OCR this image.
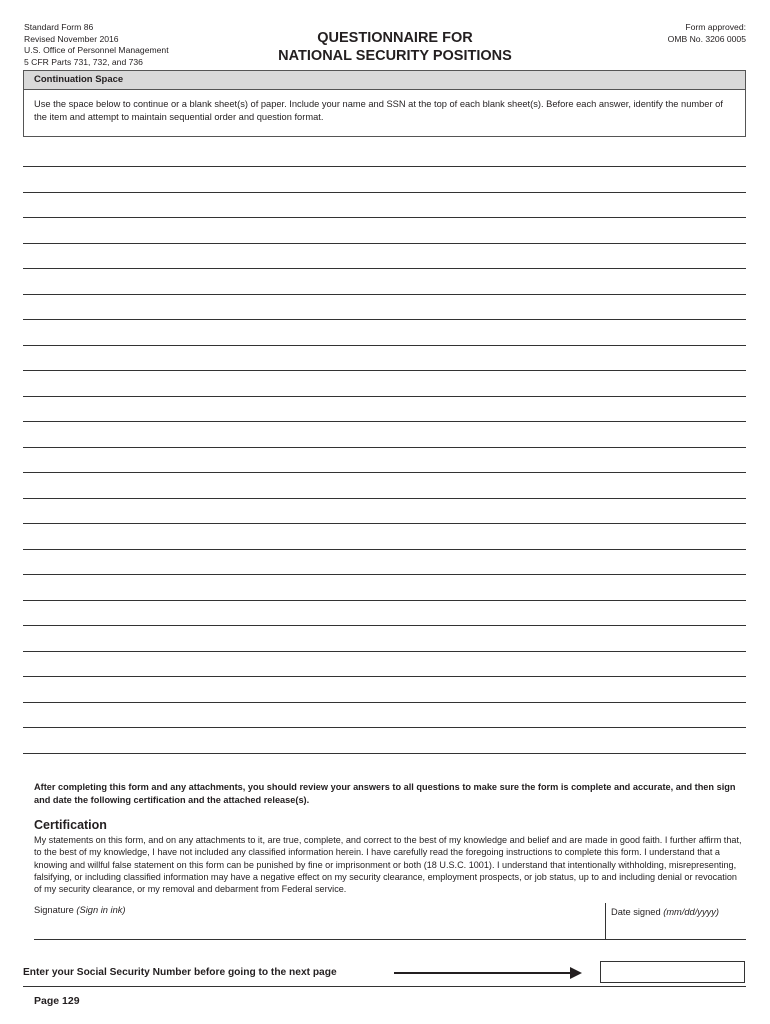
Standard Form 86
Revised November 2016
U.S. Office of Personnel Management
5 CFR Parts 731, 732, and 736
QUESTIONNAIRE FOR
NATIONAL SECURITY POSITIONS
Form approved:
OMB No. 3206 0005
Continuation Space
Use the space below to continue or a blank sheet(s) of paper. Include your name and SSN at the top of each blank sheet(s). Before each answer, identify the number of the item and attempt to maintain sequential order and question format.
After completing this form and any attachments, you should review your answers to all questions to make sure the form is complete and accurate, and then sign and date the following certification and the attached release(s).
Certification
My statements on this form, and on any attachments to it, are true, complete, and correct to the best of my knowledge and belief and are made in good faith. I further affirm that, to the best of my knowledge, I have not included any classified information herein. I have carefully read the foregoing instructions to complete this form. I understand that a knowing and willful false statement on this form can be punished by fine or imprisonment or both (18 U.S.C. 1001). I understand that intentionally withholding, misrepresenting, falsifying, or including classified information may have a negative effect on my security clearance, employment prospects, or job status, up to and including denial or revocation of my security clearance, or my removal and debarment from Federal service.
Signature (Sign in ink)	Date signed (mm/dd/yyyy)
Enter your Social Security Number before going to the next page
Page 129
